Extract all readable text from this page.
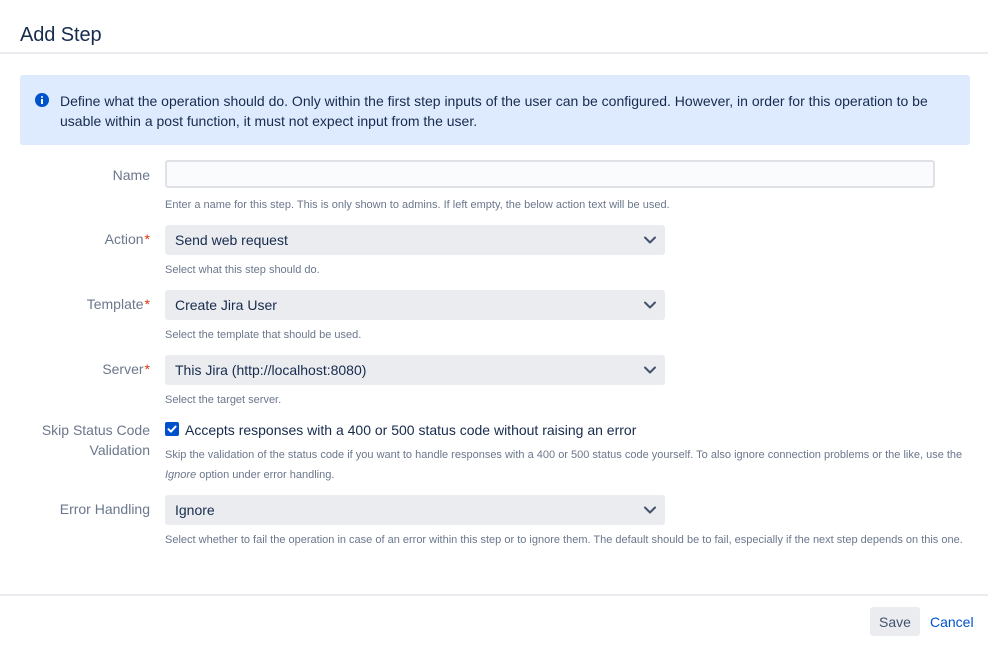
Add Step

Define what the operation should do. Only within the first step inputs of the user can be configured. However, in order for this operation to be usable within a post function, it must not expect input from the user.

Name
Enter a name for this step. This is only shown to admins. If left empty, the below action text will be used.
Action* Send web request
Select what this step should do.
Template* Create Jira User
Select the template that should be used.
Server* This Jira (http://localhost:8080)
Select the target server.
Skip Status Code
Validation
Accepts responses with a 400 or 500 status code without raising an error
Skip the validation of the status code if you want to handle responses with a 400 or 500 status code yourself. To also ignore connection problems or the like, use the Ignore option under error handling.
Error Handling Ignore
Select whether to fail the operation in case of an error within this step or to ignore them. The default should be to fail, especially if the next step depends on this one.
Save	Cancel
